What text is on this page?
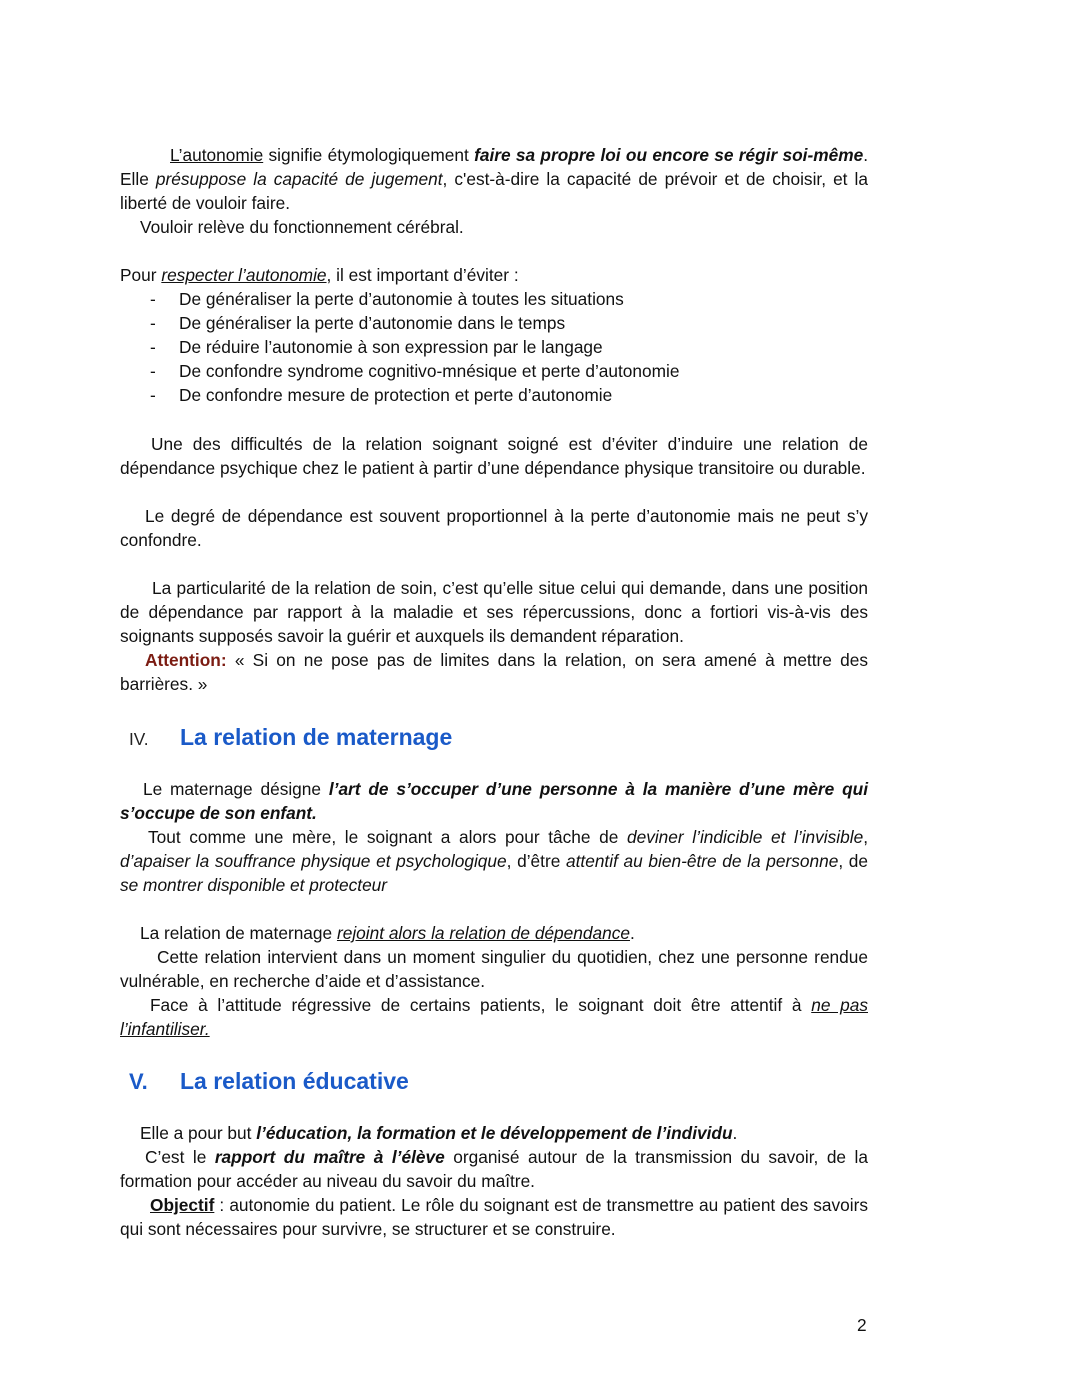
L’autonomie signifie étymologiquement faire sa propre loi ou encore se régir soi-même. Elle présuppose la capacité de jugement, c'est-à-dire la capacité de prévoir et de choisir, et la liberté de vouloir faire.
Vouloir relève du fonctionnement cérébral.
Pour respecter l’autonomie, il est important d’éviter :
- De généraliser la perte d’autonomie à toutes les situations
- De généraliser la perte d’autonomie dans le temps
- De réduire l’autonomie à son expression par le langage
- De confondre syndrome cognitivo-mnésique et perte d’autonomie
- De confondre mesure de protection et perte d’autonomie
Une des difficultés de la relation soignant soigné est d’éviter d’induire une relation de dépendance psychique chez le patient à partir d’une dépendance physique transitoire ou durable.
Le degré de dépendance est souvent proportionnel à la perte d’autonomie mais ne peut s’y confondre.
La particularité de la relation de soin, c’est qu’elle situe celui qui demande, dans une position de dépendance par rapport à la maladie et ses répercussions, donc a fortiori vis-à-vis des soignants supposés savoir la guérir et auxquels ils demandent réparation.
Attention: « Si on ne pose pas de limites dans la relation, on sera amené à mettre des barrières. »
IV. La relation de maternage
Le maternage désigne l’art de s’occuper d’une personne à la manière d’une mère qui s’occupe de son enfant.
Tout comme une mère, le soignant a alors pour tâche de deviner l’indicible et l’invisible, d’apaiser la souffrance physique et psychologique, d’être attentif au bien-être de la personne, de se montrer disponible et protecteur
La relation de maternage rejoint alors la relation de dépendance.
Cette relation intervient dans un moment singulier du quotidien, chez une personne rendue vulnérable, en recherche d’aide et d’assistance.
Face à l’attitude régressive de certains patients, le soignant doit être attentif à ne pas l’infantiliser.
V. La relation éducative
Elle a pour but l’éducation, la formation et le développement de l’individu.
C’est le rapport du maître à l’élève organisé autour de la transmission du savoir, de la formation pour accéder au niveau du savoir du maître.
Objectif : autonomie du patient. Le rôle du soignant est de transmettre au patient des savoirs qui sont nécessaires pour survivre, se structurer et se construire.
2
